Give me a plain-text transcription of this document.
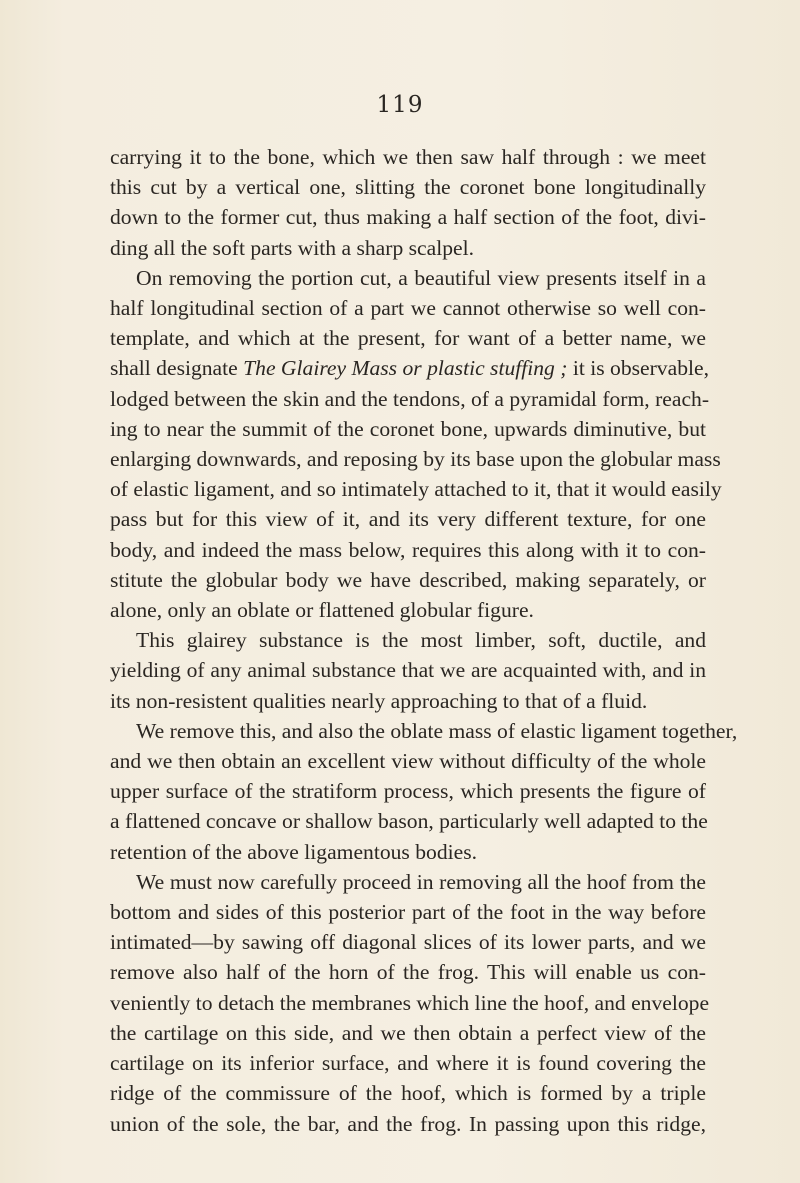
119
carrying it to the bone, which we then saw half through : we meet
this cut by a vertical one, slitting the coronet bone longitudinally
down to the former cut, thus making a half section of the foot, divi-
ding all the soft parts with a sharp scalpel.
On removing the portion cut, a beautiful view presents itself in a
half longitudinal section of a part we cannot otherwise so well con-
template, and which at the present, for want of a better name, we
shall designate The Glairey Mass or plastic stuffing ; it is observable,
lodged between the skin and the tendons, of a pyramidal form, reach-
ing to near the summit of the coronet bone, upwards diminutive, but
enlarging downwards, and reposing by its base upon the globular mass
of elastic ligament, and so intimately attached to it, that it would easily
pass but for this view of it, and its very different texture, for one
body, and indeed the mass below, requires this along with it to con-
stitute the globular body we have described, making separately, or
alone, only an oblate or flattened globular figure.
This glairey substance is the most limber, soft, ductile, and
yielding of any animal substance that we are acquainted with, and in
its non-resistent qualities nearly approaching to that of a fluid.
We remove this, and also the oblate mass of elastic ligament together,
and we then obtain an excellent view without difficulty of the whole
upper surface of the stratiform process, which presents the figure of
a flattened concave or shallow bason, particularly well adapted to the
retention of the above ligamentous bodies.
We must now carefully proceed in removing all the hoof from the
bottom and sides of this posterior part of the foot in the way before
intimated—by sawing off diagonal slices of its lower parts, and we
remove also half of the horn of the frog. This will enable us con-
veniently to detach the membranes which line the hoof, and envelope
the cartilage on this side, and we then obtain a perfect view of the
cartilage on its inferior surface, and where it is found covering the
ridge of the commissure of the hoof, which is formed by a triple
union of the sole, the bar, and the frog. In passing upon this ridge,
